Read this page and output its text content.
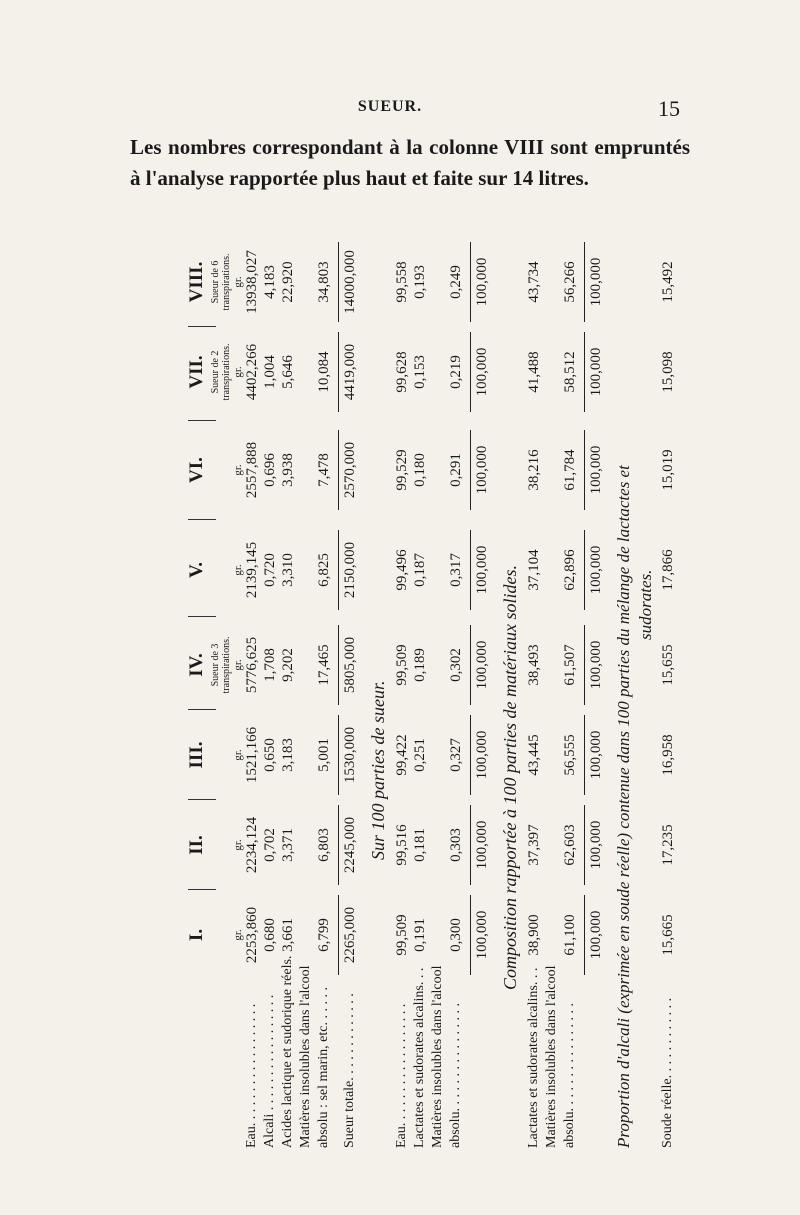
SUEUR.	15

Les nombres correspondant à la colonne VIII sont empruntés à l'analyse rapportée plus haut et faite sur 14 litres.

I. gr.
II. gr.
III. gr.
IV. Sueur de 3 transpirations. gr.
V. gr.
VI. gr.
VII. Sueur de 2 transpirations. gr.
VIII. Sueur de 6 transpirations. gr.
Eau. . . . . . . . . . . . . . . . . .
2253,860
2234,124
1521,166
5776,625
2139,145
2557,888
4402,266
13938,027
Alcali . . . . . . . . . . . . . . . . .
0,680
0,702
0,650
1,708
0,720
0,696
1,004
4,183
Acides lactique et sudorique réels.
3,661
3,371
3,183
9,202
3,310
3,938
5,646
22,920
Matières insolubles dans l'alcool absolu : sel marin, etc. . . . . .
6,799
6,803
5,001
17,465
6,825
7,478
10,084
34,803
Sueur totale. . . . . . . . . . . . .
2265,000
2245,000
1530,000
5805,000
2150,000
2570,000
4419,000
14000,000
Sur 100 parties de sueur.
Eau. . . . . . . . . . . . . . . . . .
99,509
99,516
99,422
99,509
99,496
99,529
99,628
99,558
Lactates et sudorates alcalins. . .
0,191
0,181
0,251
0,189
0,187
0,180
0,153
0,193
Matières insolubles dans l'alcool absolu. . . . . . . . . . . . . . . .
0,300
0,303
0,327
0,302
0,317
0,291
0,219
0,249
100,000
100,000
100,000
100,000
100,000
100,000
100,000
100,000
Composition rapportée à 100 parties de matériaux solides.
Lactates et sudorates alcalins. . .
38,900
37,397
43,445
38,493
37,104
38,216
41,488
43,734
Matières insolubles dans l'alcool absolu. . . . . . . . . . . . . . . .
61,100
62,603
56,555
61,507
62,896
61,784
58,512
56,266
100,000
100,000
100,000
100,000
100,000
100,000
100,000
100,000
Proportion d'alcali (exprimée en soude réelle) contenue dans 100 parties du mélange de lactactes et sudorates.
Soude réelle. . . . . . . . . . . .
15,665
17,235
16,958
15,655
17,866
15,019
15,098
15,492
